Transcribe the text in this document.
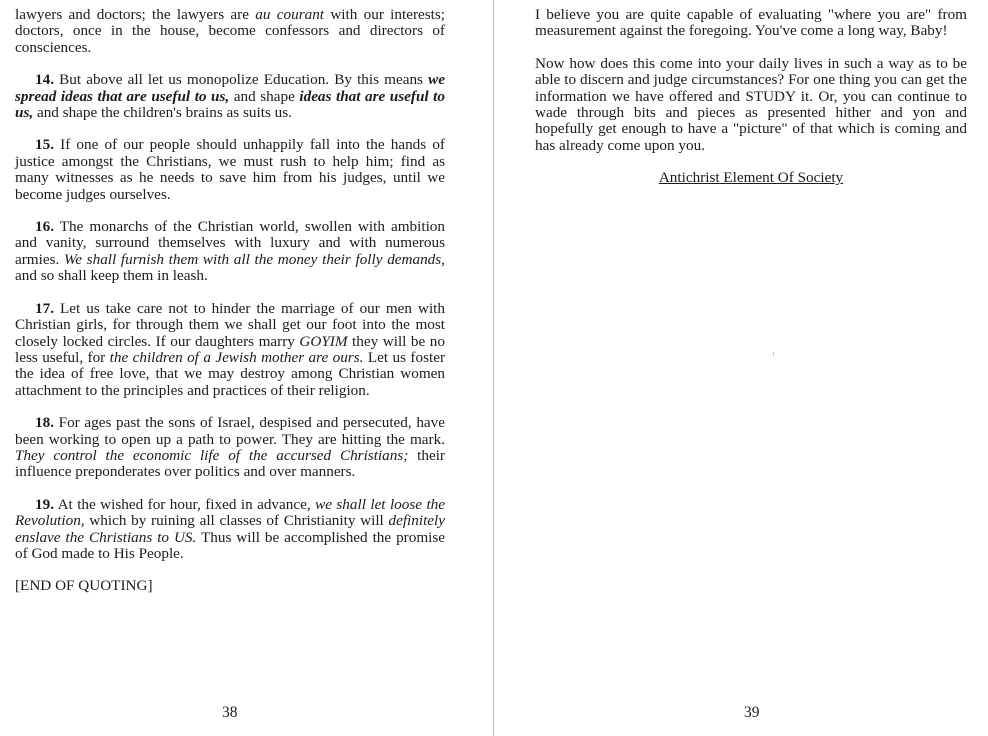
lawyers and doctors; the lawyers are au courant with our interests; doctors, once in the house, become confessors and directors of consciences.

14. But above all let us monopolize Education. By this means we spread ideas that are useful to us, and shape ideas that are useful to us, and shape the children's brains as suits us.

15. If one of our people should unhappily fall into the hands of justice amongst the Christians, we must rush to help him; find as many witnesses as he needs to save him from his judges, until we become judges ourselves.

16. The monarchs of the Christian world, swollen with ambition and vanity, surround themselves with luxury and with numerous armies. We shall furnish them with all the money their folly demands, and so shall keep them in leash.

17. Let us take care not to hinder the marriage of our men with Christian girls, for through them we shall get our foot into the most closely locked circles. If our daughters marry GOYIM they will be no less useful, for the children of a Jewish mother are ours. Let us foster the idea of free love, that we may destroy among Christian women attachment to the principles and practices of their religion.

18. For ages past the sons of Israel, despised and persecuted, have been working to open up a path to power. They are hitting the mark. They control the economic life of the accursed Christians; their influence preponderates over politics and over manners.

19. At the wished for hour, fixed in advance, we shall let loose the Revolution, which by ruining all classes of Christianity will definitely enslave the Christians to US. Thus will be accomplished the promise of God made to His People.

[END OF QUOTING]

38

I believe you are quite capable of evaluating "where you are" from measurement against the foregoing. You've come a long way, Baby!

Now how does this come into your daily lives in such a way as to be able to discern and judge circumstances? For one thing you can get the information we have offered and STUDY it. Or, you can continue to wade through bits and pieces as presented hither and yon and hopefully get enough to have a "picture" of that which is coming and has already come upon you.

Antichrist Element Of Society
39
